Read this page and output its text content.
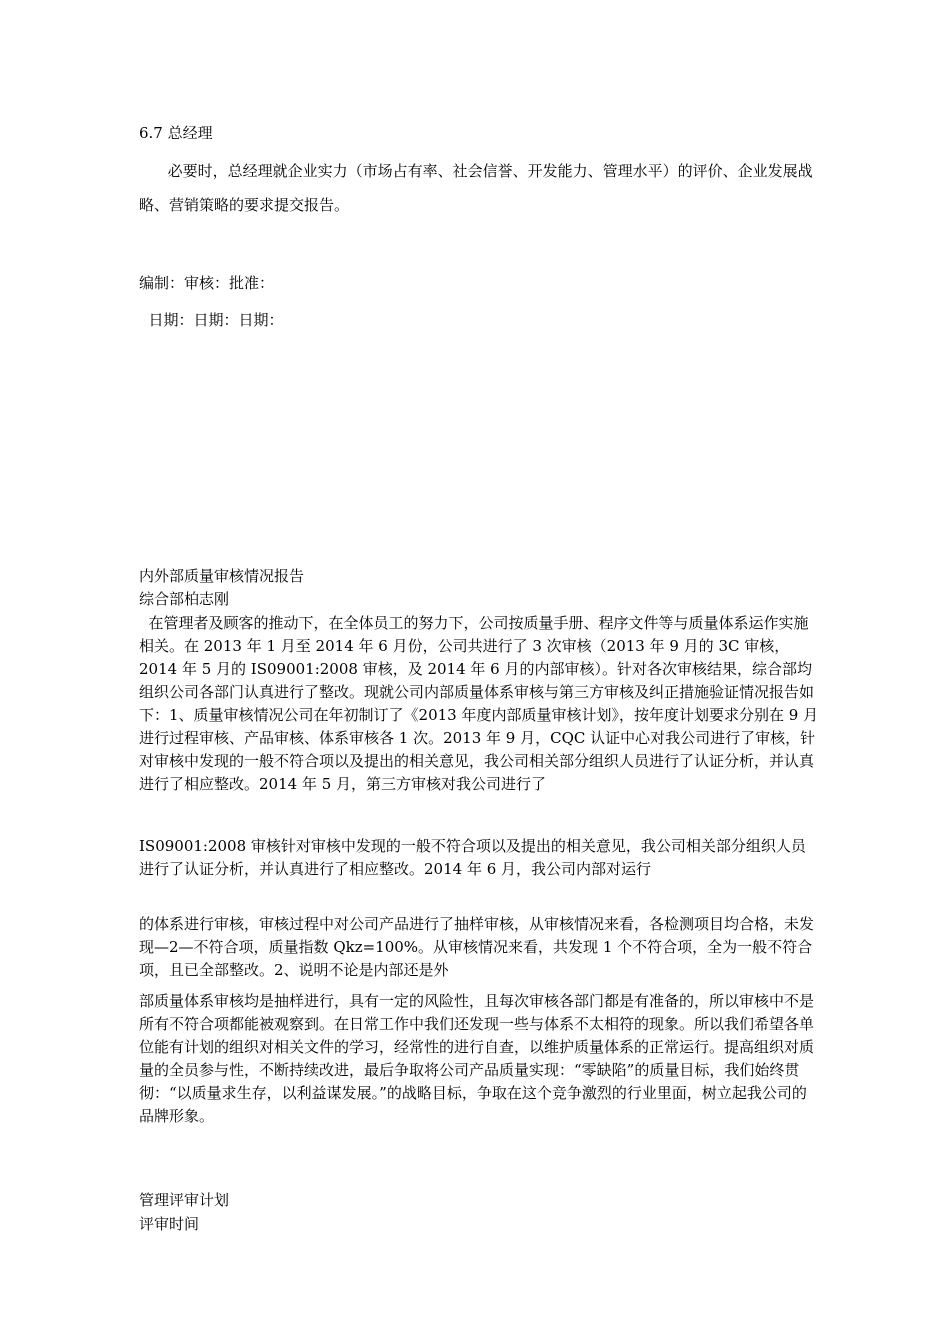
6.7 总经理

必要时，总经理就企业实力（市场占有率、社会信誉、开发能力、管理水平）的评价、企业发展战略、营销策略的要求提交报告。

编制：审核：批准：

日期：日期：日期：

内外部质量审核情况报告

综合部柏志刚

在管理者及顾客的推动下，在全体员工的努力下，公司按质量手册、程序文件等与质量体系运作实施相关。在 2013 年 1 月至 2014 年 6 月份，公司共进行了 3 次审核（2013 年 9 月的 3C 审核，2014 年 5 月的 IS09001:2008 审核，及 2014 年 6 月的内部审核）。针对各次审核结果，综合部均组织公司各部门认真进行了整改。现就公司内部质量体系审核与第三方审核及纠正措施验证情况报告如下：1、质量审核情况公司在年初制订了《2013 年度内部质量审核计划》，按年度计划要求分别在 9 月进行过程审核、产品审核、体系审核各 1 次。2013 年 9 月，CQC 认证中心对我公司进行了审核，针对审核中发现的一般不符合项以及提出的相关意见，我公司相关部分组织人员进行了认证分析，并认真进行了相应整改。2014 年 5 月，第三方审核对我公司进行了

IS09001:2008 审核针对审核中发现的一般不符合项以及提出的相关意见，我公司相关部分组织人员进行了认证分析，并认真进行了相应整改。2014 年 6 月，我公司内部对运行

的体系进行审核，审核过程中对公司产品进行了抽样审核，从审核情况来看，各检测项目均合格，未发现—2—不符合项，质量指数 Qkz=100%。从审核情况来看，共发现 1 个不符合项，全为一般不符合项，且已全部整改。2、说明不论是内部还是外

部质量体系审核均是抽样进行，具有一定的风险性，且每次审核各部门都是有准备的，所以审核中不是所有不符合项都能被观察到。在日常工作中我们还发现一些与体系不太相符的现象。所以我们希望各单位能有计划的组织对相关文件的学习，经常性的进行自查，以维护质量体系的正常运行。提高组织对质量的全员参与性，不断持续改进，最后争取将公司产品质量实现：“零缺陷”的质量目标，我们始终贯彻：“以质量求生存，以利益谋发展。”的战略目标，争取在这个竞争激烈的行业里面，树立起我公司的品牌形象。

管理评审计划

评审时间
